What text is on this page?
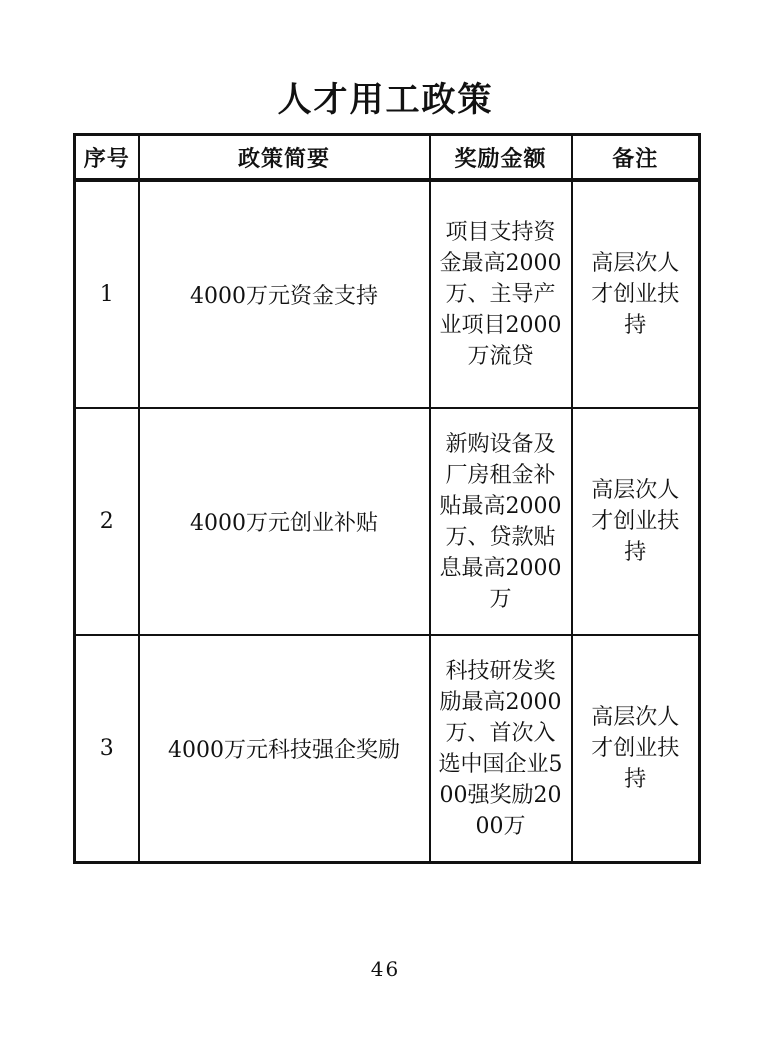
人才用工政策
序号	政策简要	奖励金额	备注
1	4000万元资金支持	项目支持资金最高2000万、主导产业项目2000万流贷	高层次人才创业扶持

2	4000万元创业补贴	新购设备及厂房租金补贴最高2000万、贷款贴息最高2000万	高层次人才创业扶持

3	4000万元科技强企奖励	科技研发奖励最高2000万、首次入选中国企业500强奖励2000万	高层次人才创业扶持
46
